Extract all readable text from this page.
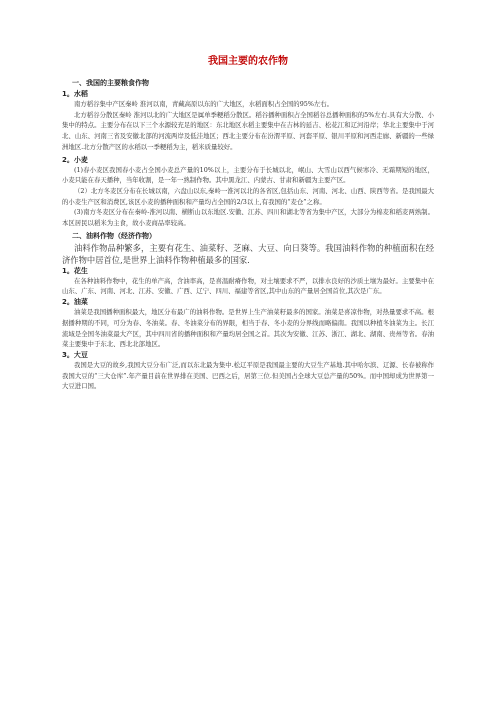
我国主要的农作物
一、我国的主要粮食作物
1。水稻

南方稻谷集中产区秦岭 淮河以南，青藏高原以东的广大地区，水稻面积占全国的95%左右。

北方稻谷分散区秦岭 淮河以北的广大地区是属单季粳稻分散区。稻谷播种面积占全国稻谷总播种面积的5%左右.具有大分散、小集中的特点。主要分布在以下三个水源较充足的地区：东北地区水稻主要集中在吉林的延吉、松花江和辽河沿岸；华北主要集中于河北、山东、河南三省及安徽北部的河流两岸及低洼地区；西北主要分布在汾渭平原、河套平原、银川平原和河西走廊、新疆的一些绿洲地区.北方分散产区的水稻以一季粳稻为主，稻米质量较好。

2。小麦

(1)春小麦区我国春小麦占全国小麦总产量的10%以上，主要分布于长城以北，岷山、大雪山以西气候寒冷、无霜期短的地区，小麦只能在春天播种，当年收割，是一年一熟制作物。其中黑龙江、内蒙古、甘肃和新疆为主要产区。

（2）北方冬麦区分布在长城以南，六盘山以东,秦岭一淮河以北的各省区,包括山东、河南、河北、山西、陕西等省。是我国最大的小麦生产区和消费区,该区小麦的播种面积和产量均占全国的2/3以上,有我国的“麦仓”之称。

(3)南方冬麦区分布在秦岭-淮河以南、横断山以东地区.安徽、江苏、四川和湖北等省为集中产区，大部分为棉麦和稻麦两熟制。本区居民以稻米为主食，故小麦商品率较高。

二、油料作物（经济作物）

油料作物品种繁多，主要有花生、油菜籽、芝麻、大豆、向日葵等。我国油料作物的种植面积在经济作物中居首位,是世界上油料作物种植最多的国家.

1。花生

在各种油料作物中，花生的单产高，含油率高，是喜温耐瘠作物，对土壤要求不严，以排水良好的沙质土壤为最好。主要集中在山东、广东、河南、河北、江苏、安徽、广西、辽宁、四川、福建等省区,其中山东的产量居全国首位,其次是广东。

2。油菜

油菜是我国播种面积最大，地区分布最广的油料作物。是世界上生产油菜籽最多的国家。油菜是喜凉作物，对热量要求不高。根据播种期的不同，可分为春、冬油菜。春、冬油菜分布的界限，相当于春、冬小麦的分界线而略偏南。我国以种植冬油菜为主。长江流域是全国冬油菜最大产区，其中四川省的播种面积和产量均居全国之首。其次为安徽、江苏、浙江、湖北、湖南、贵州等省。春油菜主要集中于东北、西北北部地区。

3。大豆

我国是大豆的故乡,我国大豆分布广泛,而以东北最为集中.松辽平原是我国最主要的大豆生产基地.其中哈尔滨、辽源、长春被称作我国大豆的“三大仓库”.年产量目前在世界排在美国、巴西之后，居第三位.但美国占全球大豆总产量的50%。而中国却成为世界第一大豆进口国。
